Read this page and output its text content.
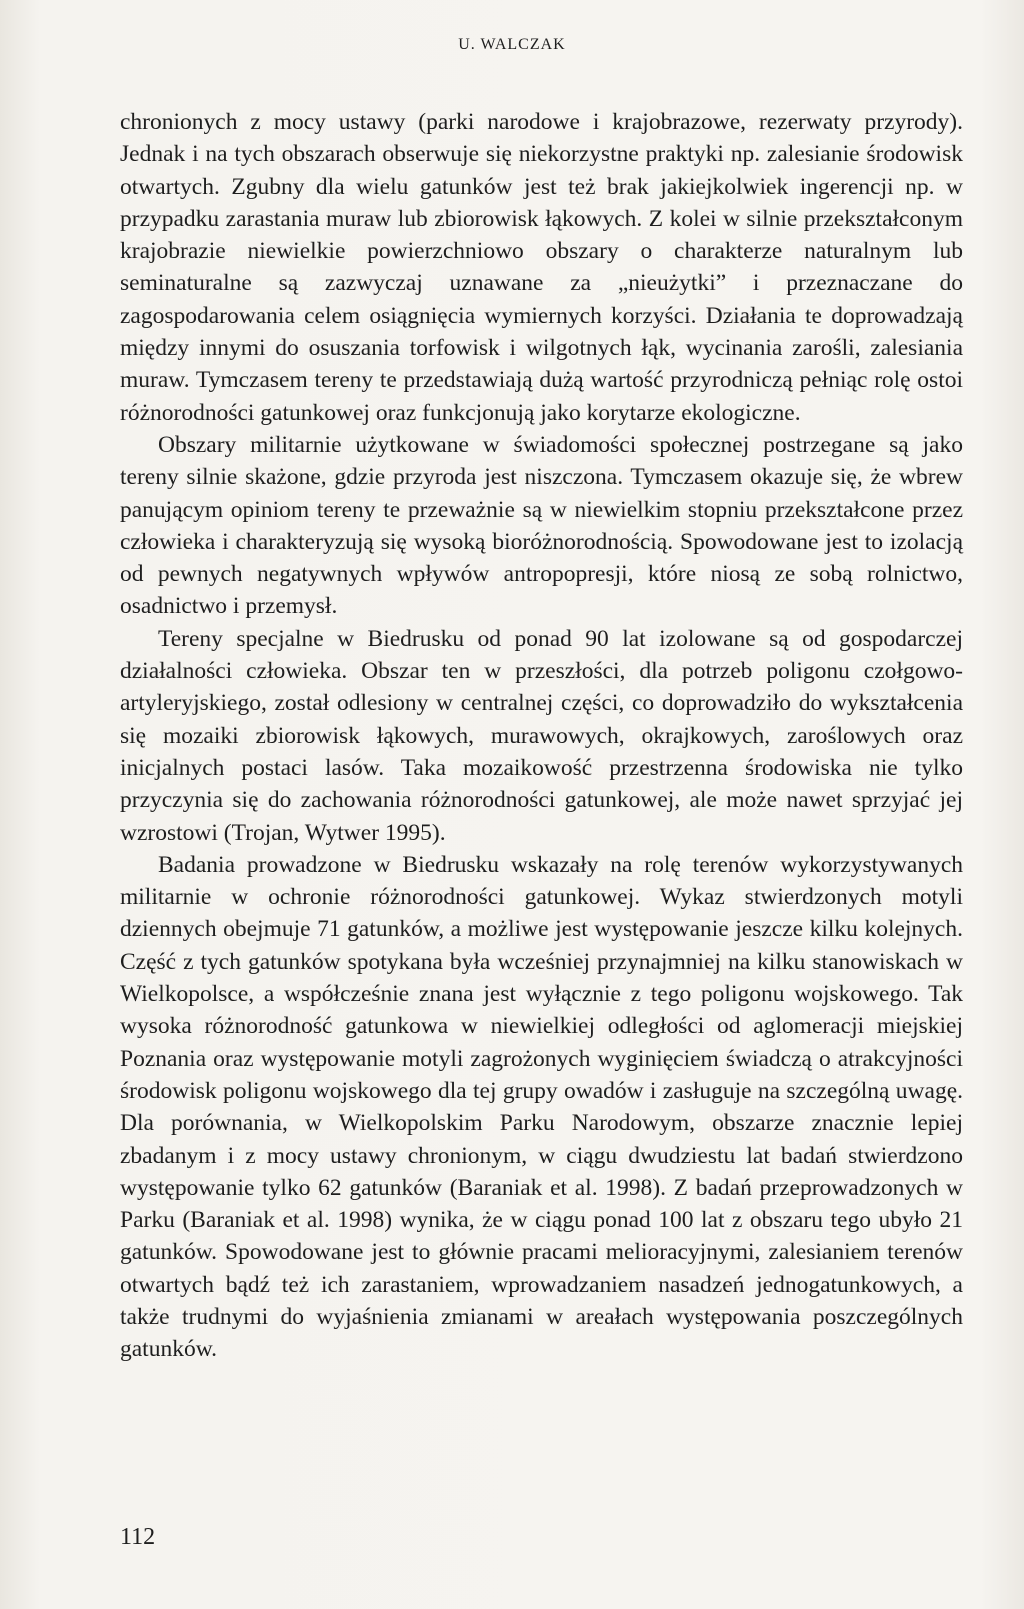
U. WALCZAK

chronionych z mocy ustawy (parki narodowe i krajobrazowe, rezerwaty przyrody). Jednak i na tych obszarach obserwuje się niekorzystne praktyki np. zalesianie środowisk otwartych. Zgubny dla wielu gatunków jest też brak jakiejkolwiek ingerencji np. w przypadku zarastania muraw lub zbiorowisk łąkowych. Z kolei w silnie przekształconym krajobrazie niewielkie powierzchniowo obszary o charakterze naturalnym lub seminaturalne są zazwyczaj uznawane za „nieużytki” i przeznaczane do zagospodarowania celem osiągnięcia wymiernych korzyści. Działania te doprowadzają między innymi do osuszania torfowisk i wilgotnych łąk, wycinania zarośli, zalesiania muraw. Tymczasem tereny te przedstawiają dużą wartość przyrodniczą pełniąc rolę ostoi różnorodności gatunkowej oraz funkcjonują jako korytarze ekologiczne.

Obszary militarnie użytkowane w świadomości społecznej postrzegane są jako tereny silnie skażone, gdzie przyroda jest niszczona. Tymczasem okazuje się, że wbrew panującym opiniom tereny te przeważnie są w niewielkim stopniu przekształcone przez człowieka i charakteryzują się wysoką bioróżnorodnością. Spowodowane jest to izolacją od pewnych negatywnych wpływów antropopresji, które niosą ze sobą rolnictwo, osadnictwo i przemysł.

Tereny specjalne w Biedrusku od ponad 90 lat izolowane są od gospodarczej działalności człowieka. Obszar ten w przeszłości, dla potrzeb poligonu czołgowo-artyleryjskiego, został odlesiony w centralnej części, co doprowadziło do wykształcenia się mozaiki zbiorowisk łąkowych, murawowych, okrajkowych, zaroślowych oraz inicjalnych postaci lasów. Taka mozaikowość przestrzenna środowiska nie tylko przyczynia się do zachowania różnorodności gatunkowej, ale może nawet sprzyjać jej wzrostowi (Trojan, Wytwer 1995).

Badania prowadzone w Biedrusku wskazały na rolę terenów wykorzystywanych militarnie w ochronie różnorodności gatunkowej. Wykaz stwierdzonych motyli dziennych obejmuje 71 gatunków, a możliwe jest występowanie jeszcze kilku kolejnych. Część z tych gatunków spotykana była wcześniej przynajmniej na kilku stanowiskach w Wielkopolsce, a współcześnie znana jest wyłącznie z tego poligonu wojskowego. Tak wysoka różnorodność gatunkowa w niewielkiej odległości od aglomeracji miejskiej Poznania oraz występowanie motyli zagrożonych wyginięciem świadczą o atrakcyjności środowisk poligonu wojskowego dla tej grupy owadów i zasługuje na szczególną uwagę. Dla porównania, w Wielkopolskim Parku Narodowym, obszarze znacznie lepiej zbadanym i z mocy ustawy chronionym, w ciągu dwudziestu lat badań stwierdzono występowanie tylko 62 gatunków (Baraniak et al. 1998). Z badań przeprowadzonych w Parku (Baraniak et al. 1998) wynika, że w ciągu ponad 100 lat z obszaru tego ubyło 21 gatunków. Spowodowane jest to głównie pracami melioracyjnymi, zalesianiem terenów otwartych bądź też ich zarastaniem, wprowadzaniem nasadzeń jednogatunkowych, a także trudnymi do wyjaśnienia zmianami w areałach występowania poszczególnych gatunków.

112
